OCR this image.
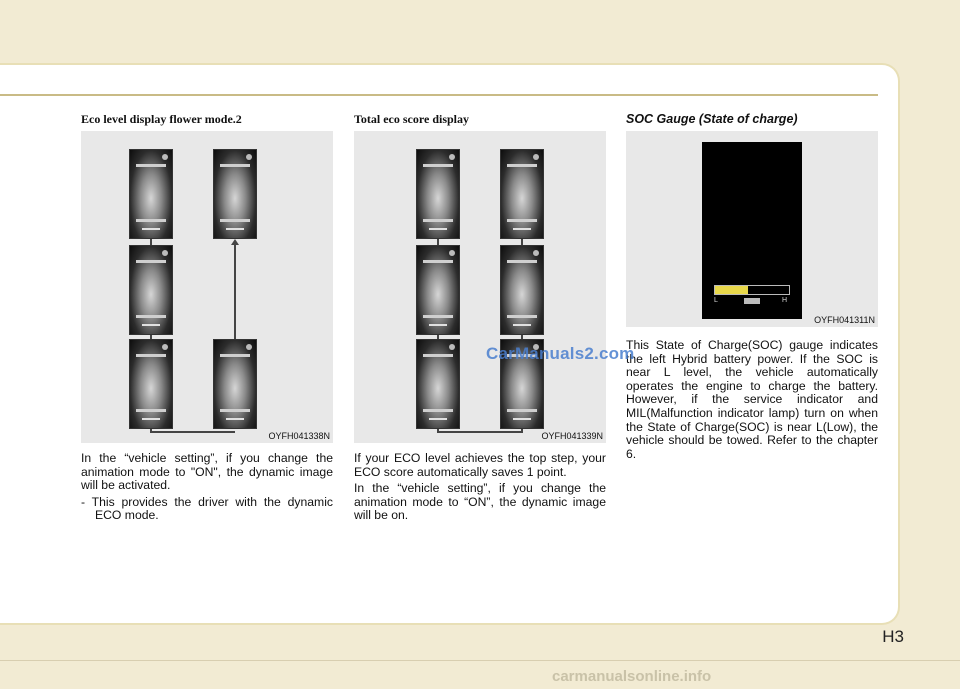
Eco level display flower mode.2
OYFH041338N

In the “vehicle setting”, if you change the animation mode to "ON", the dynamic image will be activated.

- This provides the driver with the dynamic ECO mode.

Total eco score display
OYFH041339N

If your ECO level achieves the top step, your ECO score automatically saves 1 point.

In the “vehicle setting”, if you change the animation mode to “ON”, the dynamic image will be on.

SOC Gauge (State of charge)
L	H
OYFH041311N

This State of Charge(SOC) gauge indicates the left Hybrid battery power. If the SOC is near L level, the vehicle automatically operates the engine to charge the battery. However, if the service indicator and MIL(Malfunction indicator lamp) turn on when the State of Charge(SOC) is near L(Low), the vehicle should be towed. Refer to the chapter 6.

CarManuals2.com
H3
carmanualsonline.info
